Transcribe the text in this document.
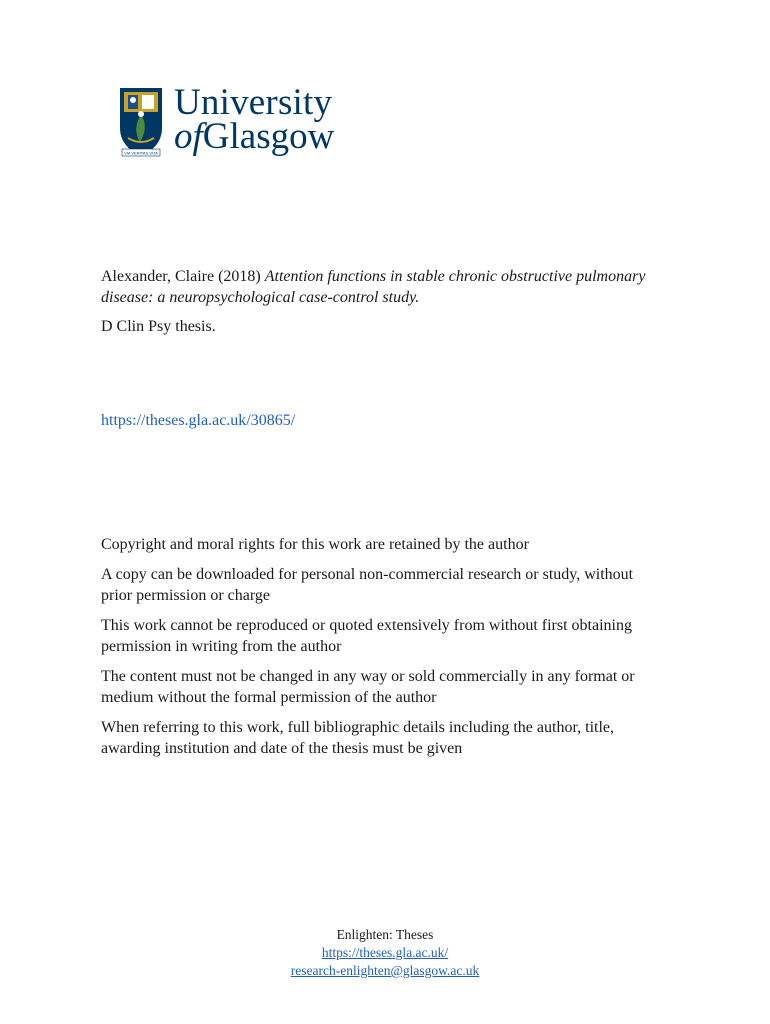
VIA VERITAS VITA
University
ofGlasgow
Alexander, Claire (2018) Attention functions in stable chronic obstructive pulmonary disease: a neuropsychological case-control study.
D Clin Psy thesis.
https://theses.gla.ac.uk/30865/

Copyright and moral rights for this work are retained by the author

A copy can be downloaded for personal non-commercial research or study, without prior permission or charge

This work cannot be reproduced or quoted extensively from without first obtaining permission in writing from the author

The content must not be changed in any way or sold commercially in any format or medium without the formal permission of the author

When referring to this work, full bibliographic details including the author, title, awarding institution and date of the thesis must be given

Enlighten: Theses
https://theses.gla.ac.uk/
research-enlighten@glasgow.ac.uk
